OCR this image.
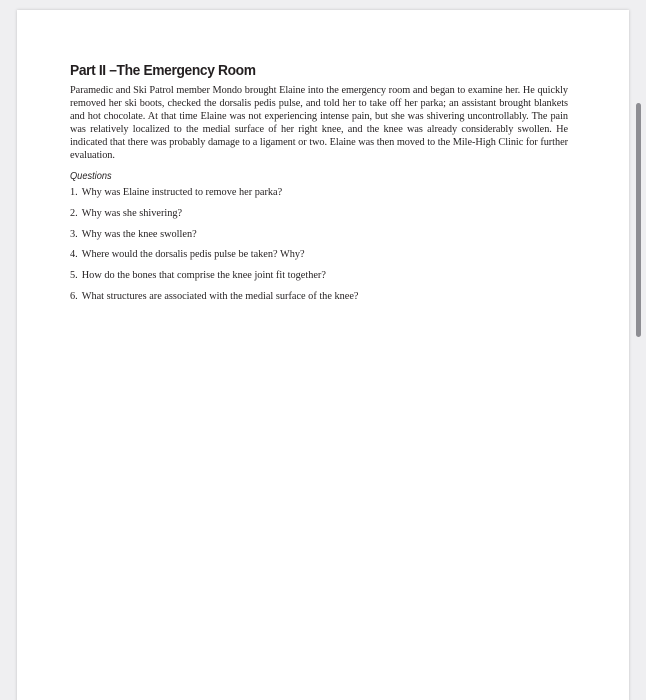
Part II –The Emergency Room

Paramedic and Ski Patrol member Mondo brought Elaine into the emergency room and began to examine her. He quickly removed her ski boots, checked the dorsalis pedis pulse, and told her to take off her parka; an assistant brought blankets and hot chocolate. At that time Elaine was not experiencing intense pain, but she was shivering uncontrollably. The pain was relatively localized to the medial surface of her right knee, and the knee was already considerably swollen. He indicated that there was probably damage to a ligament or two. Elaine was then moved to the Mile-High Clinic for further evaluation.

Questions
1. Why was Elaine instructed to remove her parka?
2. Why was she shivering?
3. Why was the knee swollen?
4. Where would the dorsalis pedis pulse be taken? Why?
5. How do the bones that comprise the knee joint fit together?
6. What structures are associated with the medial surface of the knee?
